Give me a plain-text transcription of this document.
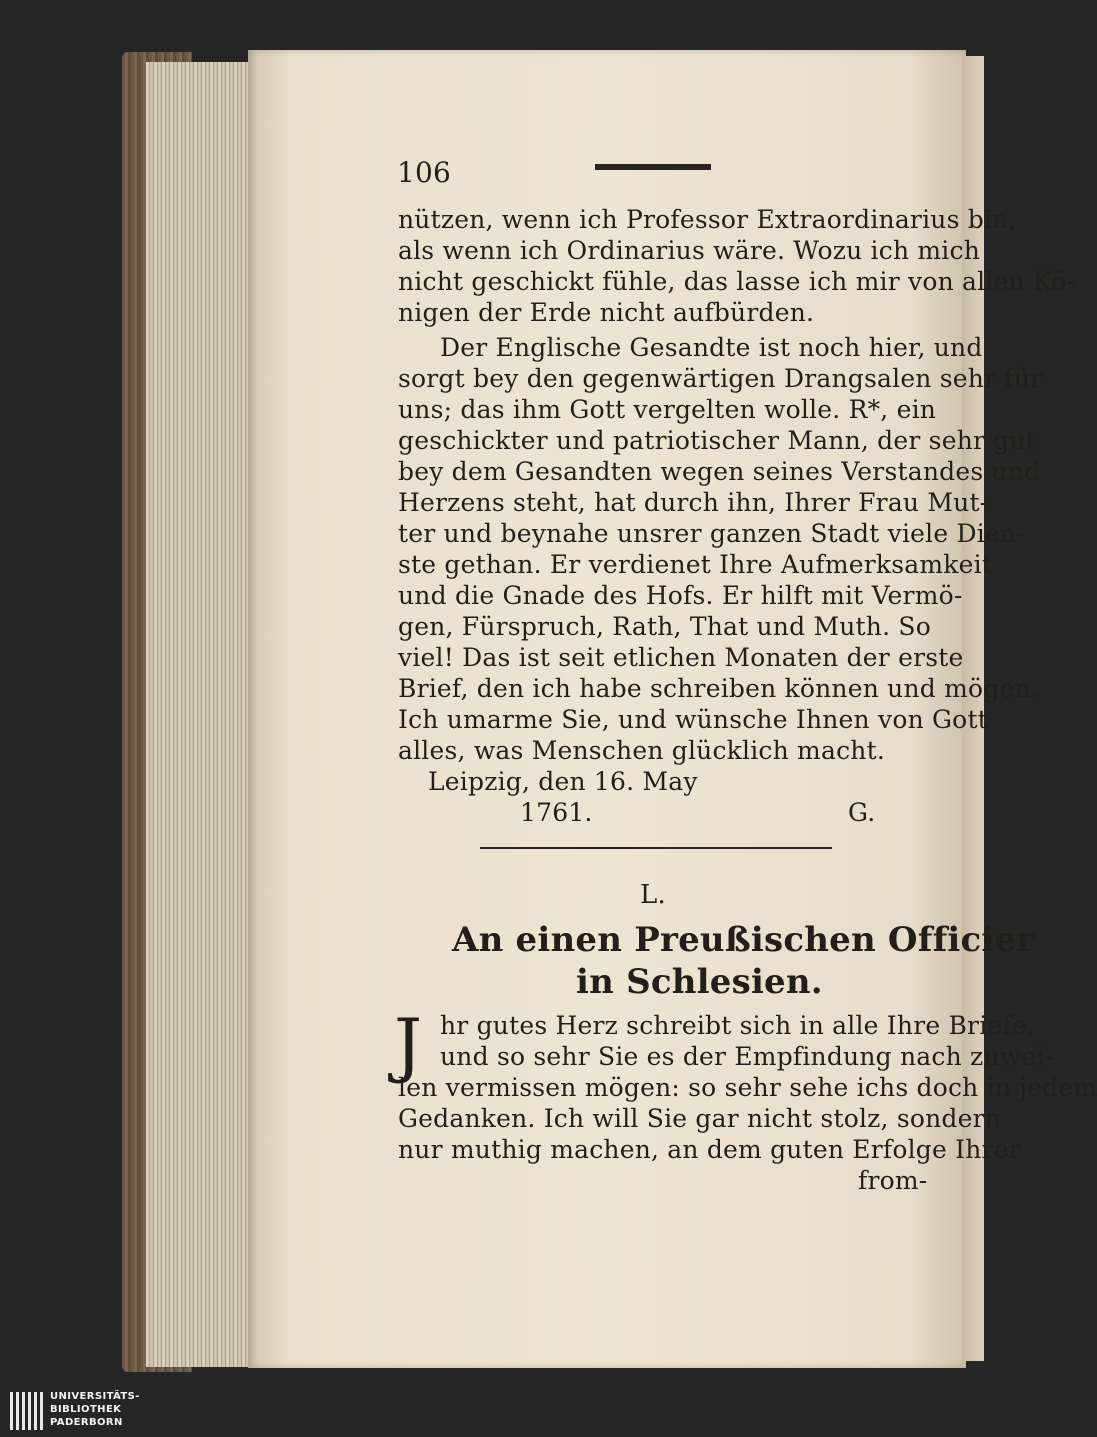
106
nützen, wenn ich Professor Extraordinarius bin,
als wenn ich Ordinarius wäre. Wozu ich mich
nicht geschickt fühle, das lasse ich mir von allen Kö-
nigen der Erde nicht aufbürden.
Der Englische Gesandte ist noch hier, und
sorgt bey den gegenwärtigen Drangsalen sehr für
uns; das ihm Gott vergelten wolle. R*, ein
geschickter und patriotischer Mann, der sehr gut
bey dem Gesandten wegen seines Verstandes und
Herzens steht, hat durch ihn, Ihrer Frau Mut-
ter und beynahe unsrer ganzen Stadt viele Dien-
ste gethan. Er verdienet Ihre Aufmerksamkeit
und die Gnade des Hofs. Er hilft mit Vermö-
gen, Fürspruch, Rath, That und Muth. So
viel! Das ist seit etlichen Monaten der erste
Brief, den ich habe schreiben können und mögen.
Ich umarme Sie, und wünsche Ihnen von Gott
alles, was Menschen glücklich macht.
Leipzig, den 16. May
1761.	G.
L.
An einen Preußischen Officier
in Schlesien.
J hr gutes Herz schreibt sich in alle Ihre Briefe,
und so sehr Sie es der Empfindung nach zuwei-
len vermissen mögen: so sehr sehe ichs doch in jedem
Gedanken. Ich will Sie gar nicht stolz, sondern
nur muthig machen, an dem guten Erfolge Ihrer
from-
UNIVERSITÄTS-
BIBLIOTHEK
PADERBORN
